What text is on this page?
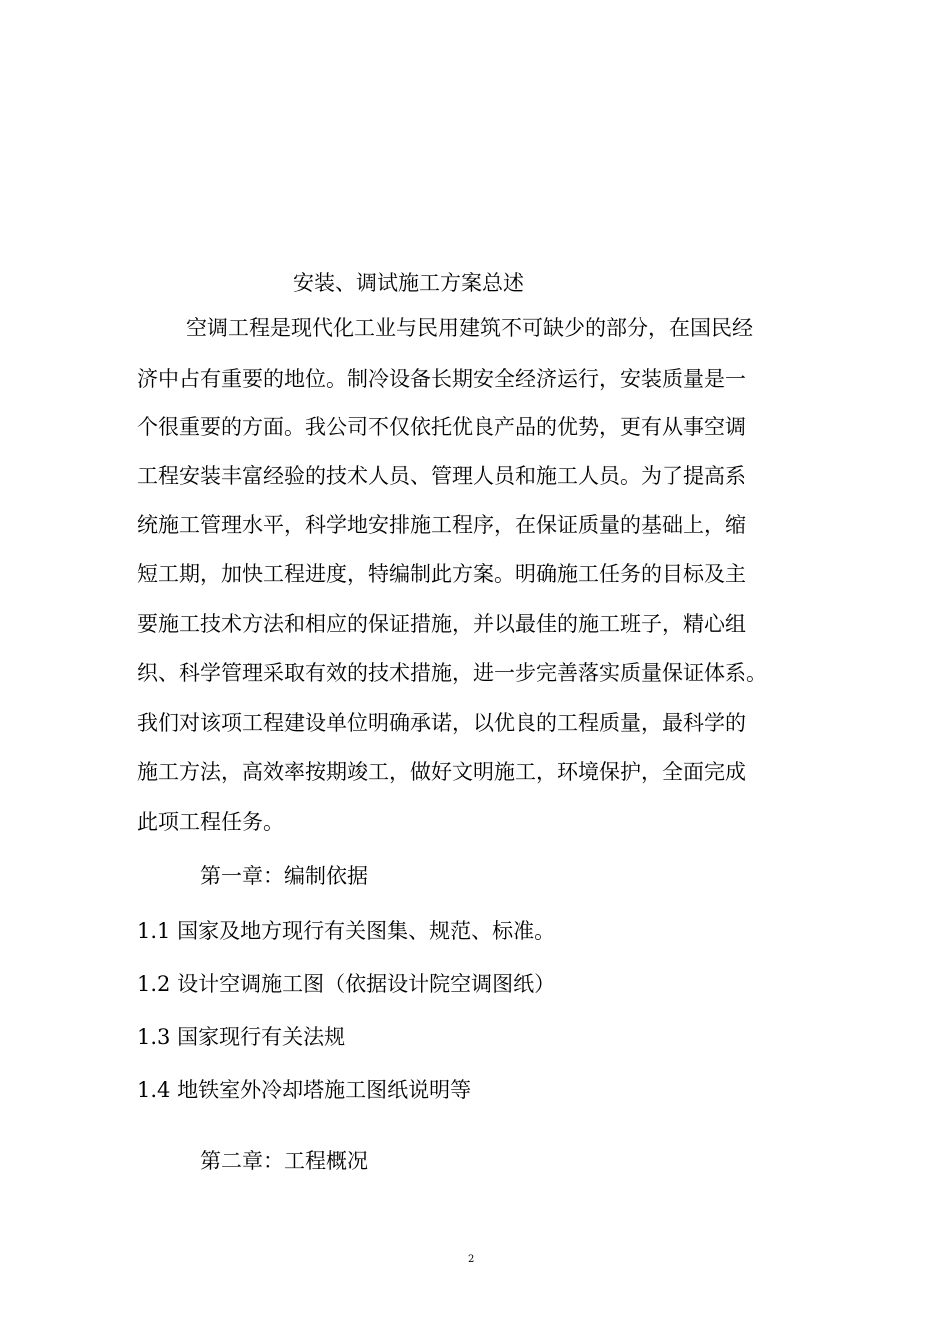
安装、调试施工方案总述
空调工程是现代化工业与民用建筑不可缺少的部分，在国民经
济中占有重要的地位。制冷设备长期安全经济运行，安装质量是一
个很重要的方面。我公司不仅依托优良产品的优势，更有从事空调
工程安装丰富经验的技术人员、管理人员和施工人员。为了提高系
统施工管理水平，科学地安排施工程序，在保证质量的基础上，缩
短工期，加快工程进度，特编制此方案。明确施工任务的目标及主
要施工技术方法和相应的保证措施，并以最佳的施工班子，精心组
织、科学管理采取有效的技术措施，进一步完善落实质量保证体系。
我们对该项工程建设单位明确承诺，以优良的工程质量，最科学的
施工方法，高效率按期竣工，做好文明施工，环境保护，全面完成
此项工程任务。
第一章：编制依据
1.1 国家及地方现行有关图集、规范、标准。
1.2 设计空调施工图（依据设计院空调图纸）
1.3 国家现行有关法规
1.4 地铁室外冷却塔施工图纸说明等
第二章：工程概况
2
